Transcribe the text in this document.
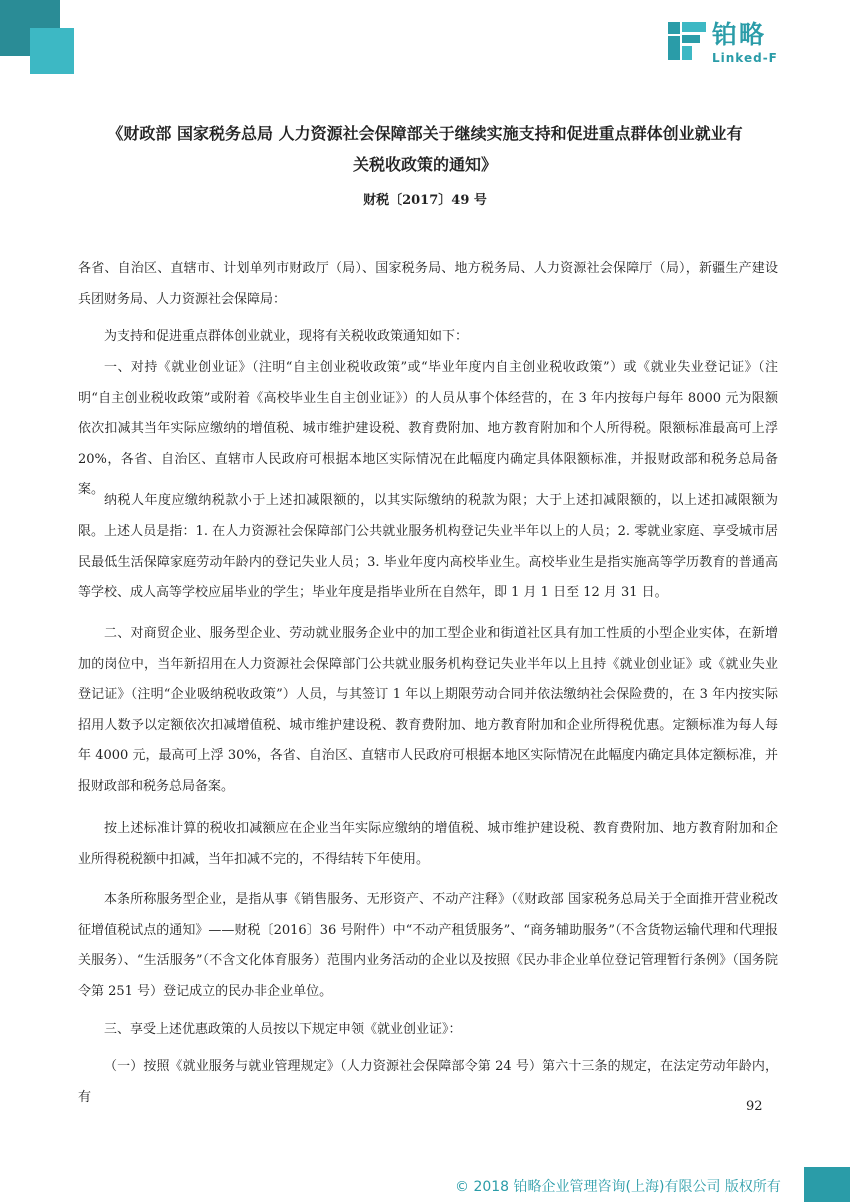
铂略
Linked-F
《财政部 国家税务总局 人力资源社会保障部关于继续实施支持和促进重点群体创业就业有
关税收政策的通知》
财税〔2017〕49 号
各省、自治区、直辖市、计划单列市财政厅（局）、国家税务局、地方税务局、人力资源社会保障厅（局），新疆生产建设兵团财务局、人力资源社会保障局：
为支持和促进重点群体创业就业，现将有关税收政策通知如下：
一、对持《就业创业证》（注明“自主创业税收政策”或“毕业年度内自主创业税收政策”）或《就业失业登记证》（注明“自主创业税收政策”或附着《高校毕业生自主创业证》）的人员从事个体经营的，在 3 年内按每户每年 8000 元为限额依次扣减其当年实际应缴纳的增值税、城市维护建设税、教育费附加、地方教育附加和个人所得税。限额标准最高可上浮 20%，各省、自治区、直辖市人民政府可根据本地区实际情况在此幅度内确定具体限额标准，并报财政部和税务总局备案。
纳税人年度应缴纳税款小于上述扣减限额的，以其实际缴纳的税款为限；大于上述扣减限额的，以上述扣减限额为限。 上述人员是指：1. 在人力资源社会保障部门公共就业服务机构登记失业半年以上的人员；2. 零就业家庭、享受城市居民最低生活保障家庭劳动年龄内的登记失业人员；3. 毕业年度内高校毕业生。高校毕业生是指实施高等学历教育的普通高等学校、成人高等学校应届毕业的学生；毕业年度是指毕业所在自然年，即 1 月 1 日至 12 月 31 日。
二、对商贸企业、服务型企业、劳动就业服务企业中的加工型企业和街道社区具有加工性质的小型企业实体，在新增加的岗位中，当年新招用在人力资源社会保障部门公共就业服务机构登记失业半年以上且持《就业创业证》或《就业失业登记证》（注明“企业吸纳税收政策”）人员，与其签订 1 年以上期限劳动合同并依法缴纳社会保险费的，在 3 年内按实际招用人数予以定额依次扣减增值税、城市维护建设税、教育费附加、地方教育附加和企业所得税优惠。定额标准为每人每年 4000 元，最高可上浮 30%，各省、自治区、直辖市人民政府可根据本地区实际情况在此幅度内确定具体定额标准，并报财政部和税务总局备案。
按上述标准计算的税收扣减额应在企业当年实际应缴纳的增值税、城市维护建设税、教育费附加、地方教育附加和企业所得税税额中扣减，当年扣减不完的，不得结转下年使用。
本条所称服务型企业，是指从事《销售服务、无形资产、不动产注释》（《财政部 国家税务总局关于全面推开营业税改征增值税试点的通知》——财税〔2016〕36 号附件）中“不动产租赁服务”、“商务辅助服务”（不含货物运输代理和代理报关服务）、“生活服务”（不含文化体育服务）范围内业务活动的企业以及按照《民办非企业单位登记管理暂行条例》（国务院令第 251 号）登记成立的民办非企业单位。
三、享受上述优惠政策的人员按以下规定申领《就业创业证》：
（一）按照《就业服务与就业管理规定》（人力资源社会保障部令第 24 号）第六十三条的规定，在法定劳动年龄内，有
92
© 2018 铂略企业管理咨询(上海)有限公司 版权所有
